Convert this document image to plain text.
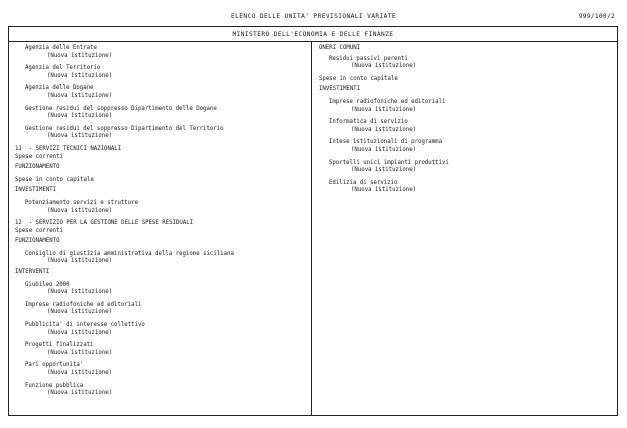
ELENCO DELLE UNITA' PREVISIONALI VARIATE	999/100/2
MINISTERO DELL'ECONOMIA E DELLE FINANZE
Agenzia delle Entrate
(Nuova istituzione)
Agenzia del Territorio
(Nuova istituzione)
Agenzia delle Dogane
(Nuova istituzione)
Gestione residui del soppresso Dipartimento delle Dogane
(Nuova istituzione)
Gestione residui del soppresso Dipartimento del Territorio
(Nuova istituzione)
11  - SERVIZI TECNICI NAZIONALI
Spese correnti
FUNZIONAMENTO
Spese in conto capitale
INVESTIMENTI
Potenziamento servizi e strutture
(Nuova istituzione)
12  - SERVIZIO PER LA GESTIONE DELLE SPESE RESIDUALI
Spese correnti
FUNZIONAMENTO
Consiglio di giustizia amministrativa della regione siciliana
(Nuova istituzione)
INTERVENTI
Giubileo 2000
(Nuova istituzione)
Imprese radiofoniche ed editoriali
(Nuova istituzione)
Pubblicita' di interesse collettivo
(Nuova istituzione)
Progetti finalizzati
(Nuova istituzione)
Pari opportunita'
(Nuova istituzione)
Funzione pubblica
(Nuova istituzione)
ONERI COMUNI
Residui passivi perenti
(Nuova istituzione)
Spese in conto capitale
INVESTIMENTI
Imprese radiofoniche ed editoriali
(Nuova istituzione)
Informatica di servizio
(Nuova istituzione)
Intese istituzionali di programma
(Nuova istituzione)
Sportelli unici impianti produttivi
(Nuova istituzione)
Edilizia di servizio
(Nuova istituzione)
